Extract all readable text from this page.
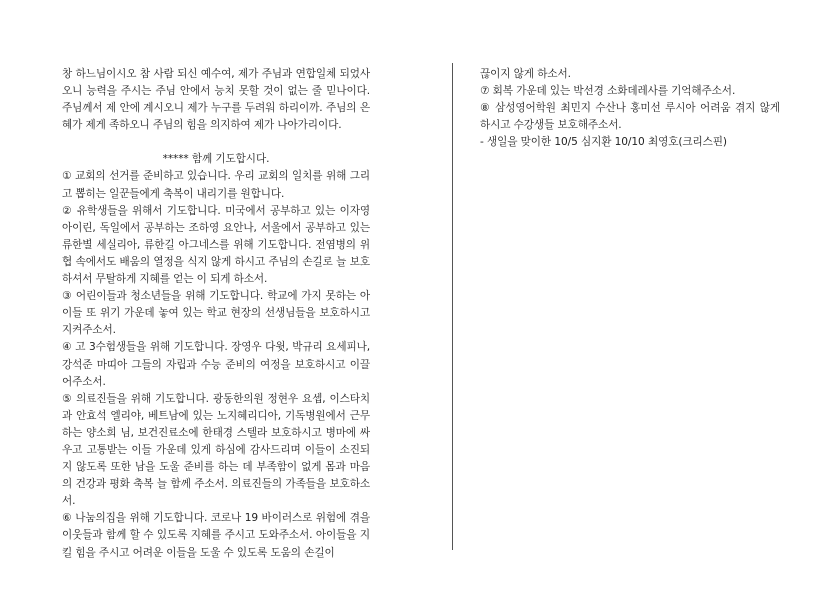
창 하느님이시오 참 사람 되신 예수여, 제가 주님과 연합일체 되었사오니 능력을 주시는 주님 안에서 능치 못할 것이 없는 줄 믿나이다. 주님께서 제 안에 계시오니 제가 누구를 두려워 하리이까. 주님의 은혜가 제게 족하오니 주님의 힘을 의지하여 제가 나아가리이다.

***** 함께 기도합시다.

① 교회의 선거를 준비하고 있습니다. 우리 교회의 일치를 위해 그리고 뽑히는 일꾼들에게 축복이 내리기를 원합니다.

② 유학생들을 위해서 기도합니다. 미국에서 공부하고 있는 이자영 아이린, 독일에서 공부하는 조하영 요안나, 서울에서 공부하고 있는 류한별 세실리아, 류한길 아그네스를 위해 기도합니다. 전염병의 위협 속에서도 배움의 열정을 식지 않게 하시고 주님의 손길로 늘 보호하셔서 무탈하게 지혜를 얻는 이 되게 하소서.

③ 어린이들과 청소년들을 위해 기도합니다. 학교에 가지 못하는 아이들 또 위기 가운데 놓여 있는 학교 현장의 선생님들을 보호하시고 지켜주소서.

④ 고 3수험생들을 위해 기도합니다. 장영우 다윗, 박규리 요세피나, 강석준 마띠아 그들의 자립과 수능 준비의 여정을 보호하시고 이끌어주소서.

⑤ 의료진들을 위해 기도합니다. 광동한의원 정현우 요셉, 이스타치과 안효석 엘리야, 베트남에 있는 노지혜리디아, 기독병원에서 근무하는 양소희 님, 보건진료소에 한태경 스텔라 보호하시고 병마에 싸우고 고통받는 이들 가운데 있게 하심에 감사드리며 이들이 소진되지 않도록 또한 남을 도울 준비를 하는 데 부족함이 없게 몸과 마음의 건강과 평화 축복 늘 함께 주소서. 의료진들의 가족들을 보호하소서.

⑥ 나눔의집을 위해 기도합니다. 코로나 19 바이러스로 위험에 겪을 이웃들과 함께 할 수 있도록 지혜를 주시고 도와주소서. 아이들을 지킬 힘을 주시고 어려운 이들을 도울 수 있도록 도움의 손길이

끊이지 않게 하소서.

⑦ 회복 가운데 있는 박선경 소화데레사를 기억해주소서.

⑧ 삼성영어학원 최민지 수산나 홍미선 루시아 어려움 겪지 않게 하시고 수강생들 보호해주소서.

- 생일을 맞이한 10/5 심지환 10/10 최영호(크리스핀)
